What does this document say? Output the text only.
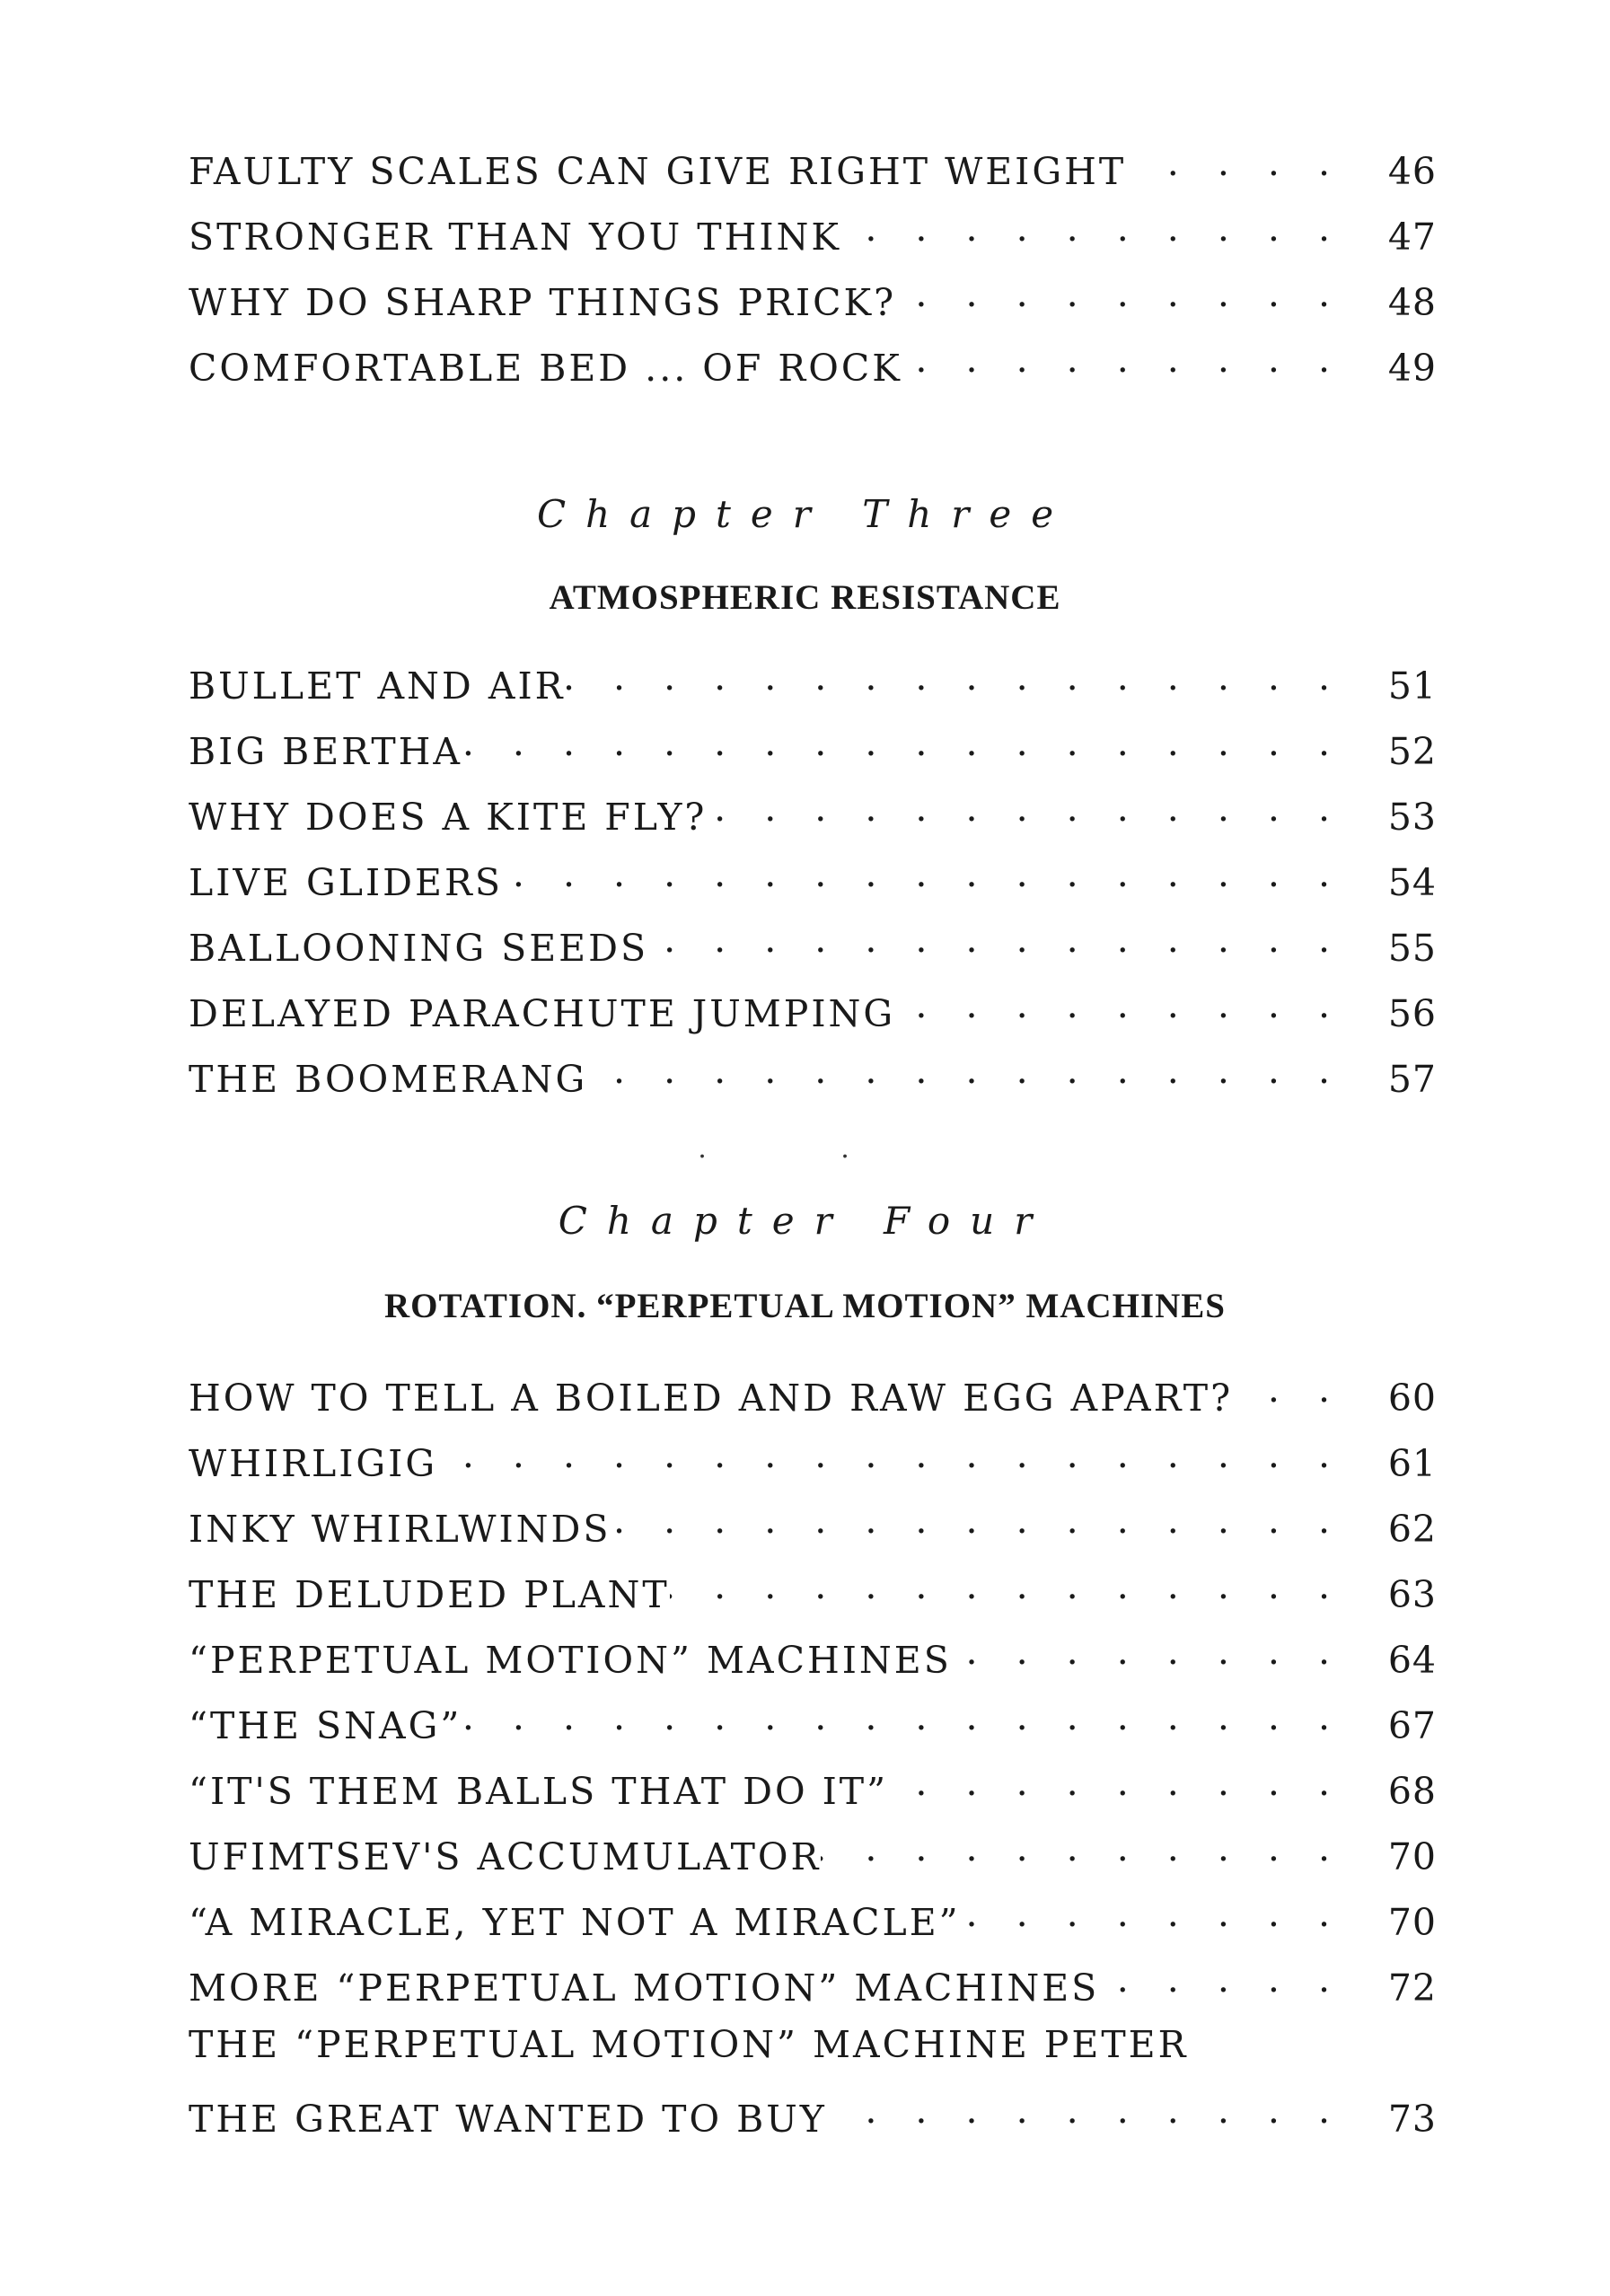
FAULTY SCALES CAN GIVE RIGHT WEIGHT . . .	46
STRONGER THAN YOU THINK . . .	47
WHY DO SHARP THINGS PRICK? . . .	48
COMFORTABLE BED ... OF ROCK . . .	49
Chapter Three
ATMOSPHERIC RESISTANCE
BULLET AND AIR . . .	51
BIG BERTHA . . .	52
WHY DOES A KITE FLY? . . .	53
LIVE GLIDERS . . .	54
BALLOONING SEEDS . . .	55
DELAYED PARACHUTE JUMPING . . .	56
THE BOOMERANG . . .	57
. .
Chapter Four
ROTATION. “PERPETUAL MOTION” MACHINES
HOW TO TELL A BOILED AND RAW EGG APART? . . .	60
WHIRLIGIG . . .	61
INKY WHIRLWINDS . . .	62
THE DELUDED PLANT . . .	63
“PERPETUAL MOTION” MACHINES . . .	64
“THE SNAG” . . .	67
“IT'S THEM BALLS THAT DO IT” . . .	68
UFIMTSEV'S ACCUMULATOR . . .	70
“A MIRACLE, YET NOT A MIRACLE” . . .	70
MORE “PERPETUAL MOTION” MACHINES . . .	72
THE “PERPETUAL MOTION” MACHINE PETER
THE GREAT WANTED TO BUY . . .	73
